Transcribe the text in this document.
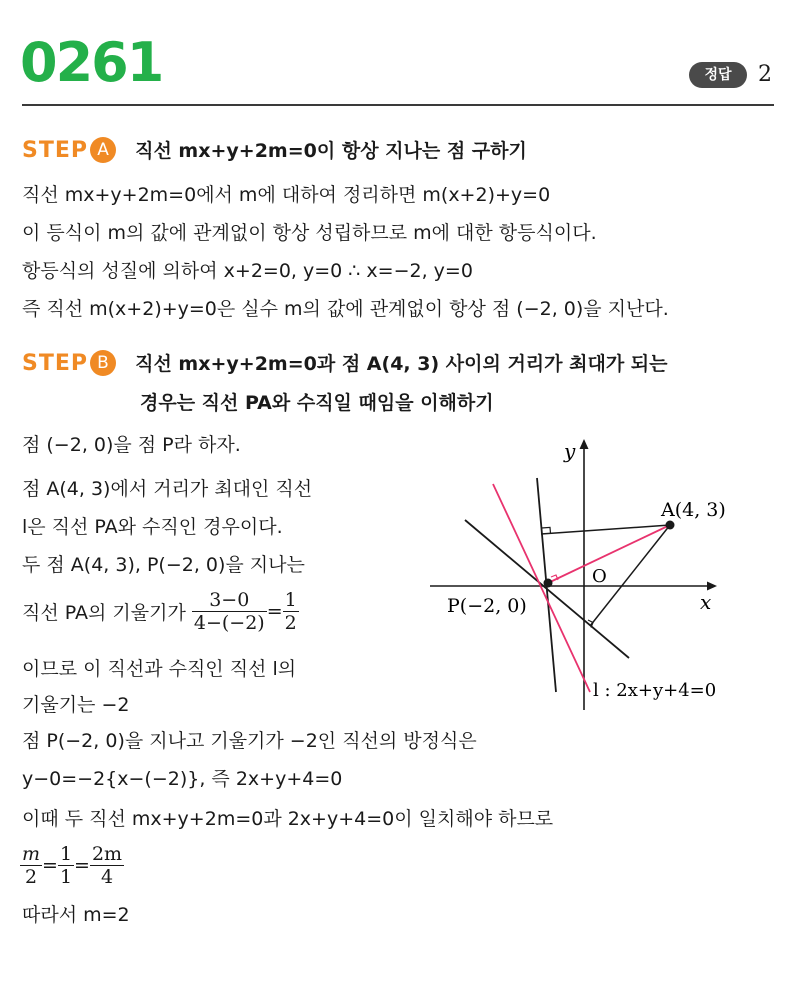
0261	정답	2
STEP A 직선 mx+y+2m=0이 항상 지나는 점 구하기
직선 mx+y+2m=0에서 m에 대하여 정리하면 m(x+2)+y=0
이 등식이 m의 값에 관계없이 항상 성립하므로 m에 대한 항등식이다.
항등식의 성질에 의하여 x+2=0, y=0 ∴ x=−2, y=0
즉 직선 m(x+2)+y=0은 실수 m의 값에 관계없이 항상 점 (−2, 0)을 지난다.
STEP B 직선 mx+y+2m=0과 점 A(4, 3) 사이의 거리가 최대가 되는
경우는 직선 PA와 수직일 때임을 이해하기
점 (−2, 0)을 점 P라 하자.
점 A(4, 3)에서 거리가 최대인 직선
l은 직선 PA와 수직인 경우이다.
두 점 A(4, 3), P(−2, 0)을 지나는
직선 PA의 기울기가 $\frac{3-0}{4-(-2)} = \frac{1}{2}$
이므로 이 직선과 수직인 직선 l의
기울기는 −2
점 P(−2, 0)을 지나고 기울기가 −2인 직선의 방정식은
y−0=−2{x−(−2)}, 즉 2x+y+4=0
이때 두 직선 mx+y+2m=0과 2x+y+4=0이 일치해야 하므로
$\frac{m}{2} = \frac{1}{1} = \frac{2m}{4}$
따라서 m=2
y
x
O
A(4, 3)
P(−2, 0)
l : 2x+y+4=0
